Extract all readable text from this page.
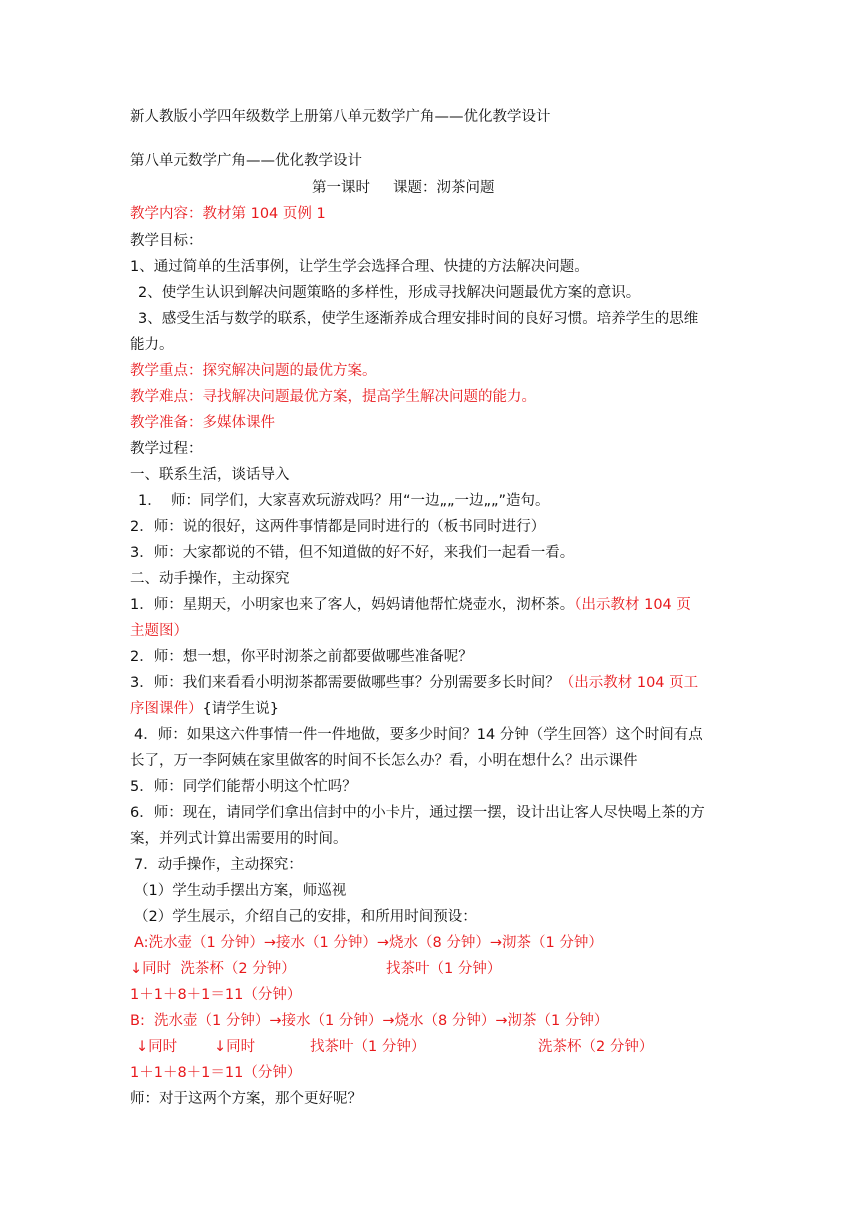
新人教版小学四年级数学上册第八单元数学广角——优化教学设计
第八单元数学广角——优化教学设计
第一课时     课题：沏茶问题
教学内容：教材第 104 页例 1
教学目标：
1、通过简单的生活事例，让学生学会选择合理、快捷的方法解决问题。
2、使学生认识到解决问题策略的多样性，形成寻找解决问题最优方案的意识。
3、感受生活与数学的联系，使学生逐渐养成合理安排时间的良好习惯。培养学生的思维
能力。
教学重点：探究解决问题的最优方案。
教学难点：寻找解决问题最优方案，提高学生解决问题的能力。
教学准备：多媒体课件
教学过程：
一、联系生活，谈话导入
1．  师：同学们，大家喜欢玩游戏吗？用“一边„„一边„„”造句。
2．师：说的很好，这两件事情都是同时进行的（板书同时进行）
3．师：大家都说的不错，但不知道做的好不好，来我们一起看一看。
二、动手操作，主动探究
1．师：星期天，小明家也来了客人，妈妈请他帮忙烧壶水，沏杯茶。（出示教材 104 页
主题图）
2．师：想一想，你平时沏茶之前都要做哪些准备呢？
3．师：我们来看看小明沏茶都需要做哪些事？分别需要多长时间？（出示教材 104 页工
序图课件）{请学生说}
4．师：如果这六件事情一件一件地做，要多少时间？14 分钟（学生回答）这个时间有点
长了，万一李阿姨在家里做客的时间不长怎么办？看，小明在想什么？出示课件
5．师：同学们能帮小明这个忙吗？
6．师：现在，请同学们拿出信封中的小卡片，通过摆一摆，设计出让客人尽快喝上茶的方
案，并列式计算出需要用的时间。
7．动手操作，主动探究：
（1）学生动手摆出方案，师巡视
（2）学生展示，介绍自己的安排，和所用时间预设：
A:洗水壶（1 分钟）→接水（1 分钟）→烧水（8 分钟）→沏茶（1 分钟）
↓同时  洗茶杯（2 分钟）	找茶叶（1 分钟）
1＋1＋8＋1＝11（分钟）
B:  洗水壶（1 分钟）→接水（1 分钟）→烧水（8 分钟）→沏茶（1 分钟）
↓同时	↓同时	找茶叶（1 分钟）	洗茶杯（2 分钟）
1＋1＋8＋1＝11（分钟）
师：对于这两个方案，那个更好呢？
